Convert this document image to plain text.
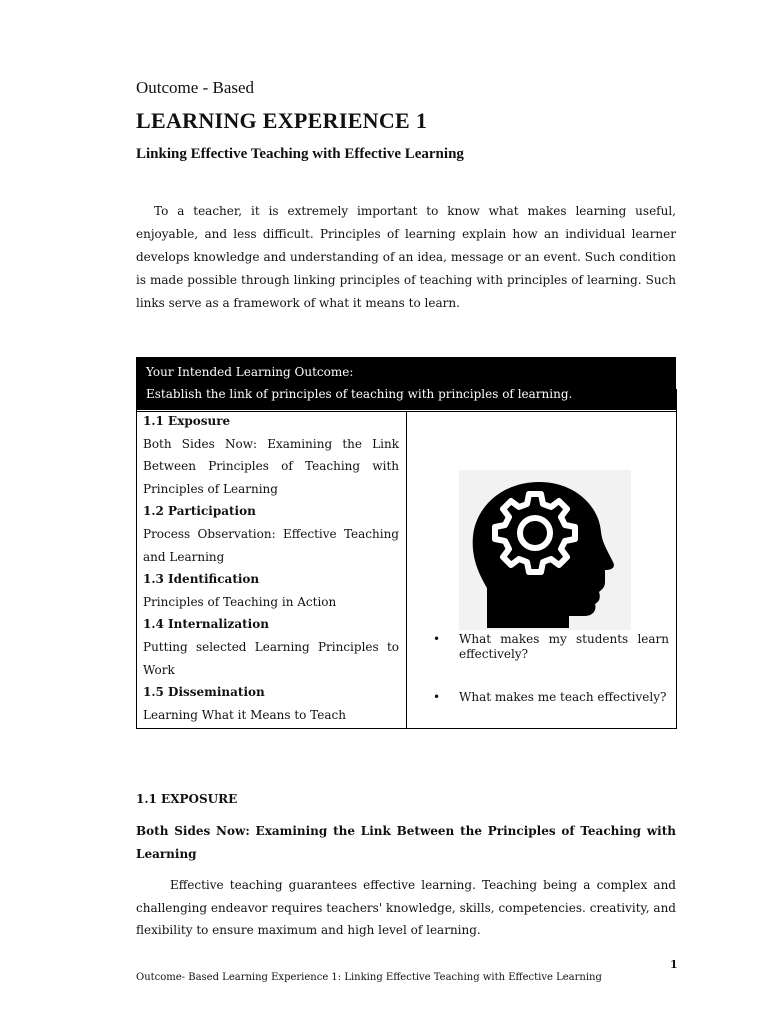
Outcome - Based
LEARNING EXPERIENCE 1
Linking Effective Teaching with Effective Learning

To a teacher, it is extremely important to know what makes learning useful, enjoyable, and less difficult. Principles of learning explain how an individual learner develops knowledge and understanding of an idea, message or an event. Such condition is made possible through linking principles of teaching with principles of learning. Such links serve as a framework of what it means to learn.

1.1 Exposure
Both Sides Now: Examining the Link Between Principles of Teaching with Principles of Learning
1.2 Participation
Process Observation: Effective Teaching and Learning
1.3 Identification
Principles of Teaching in Action
1.4 Internalization
Putting selected Learning Principles to Work
1.5 Dissemination
Learning What it Means to Teach
• What makes my students learn effectively?
• What makes me teach effectively?
Your Intended Learning Outcome:
Establish the link of principles of teaching with principles of learning.
1.1 EXPOSURE
Both Sides Now: Examining the Link Between the Principles of Teaching with Learning

Effective teaching guarantees effective learning. Teaching being a complex and challenging endeavor requires teachers' knowledge, skills, competencies. creativity, and flexibility to ensure maximum and high level of learning.

1
Outcome- Based Learning Experience 1: Linking Effective Teaching with Effective Learning
